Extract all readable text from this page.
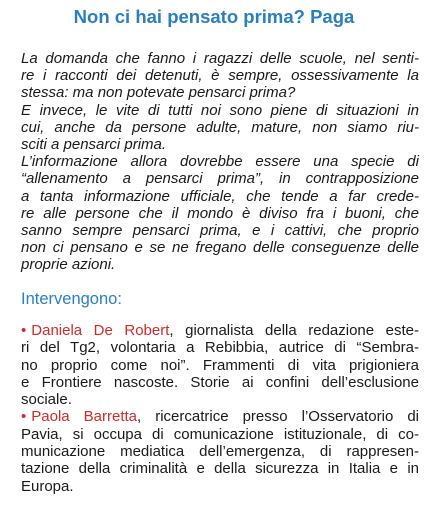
Non ci hai pensato prima? Paga
La domanda che fanno i ragazzi delle scuole, nel senti-
re i racconti dei detenuti, è sempre, ossessivamente la
stessa: ma non potevate pensarci prima?
E invece, le vite di tutti noi sono piene di situazioni in
cui, anche da persone adulte, mature, non siamo riu-
sciti a pensarci prima.
L’informazione allora dovrebbe essere una specie di
“allenamento a pensarci prima”, in contrapposizione
a tanta informazione ufficiale, che tende a far crede-
re alle persone che il mondo è diviso fra i buoni, che
sanno sempre pensarci prima, e i cattivi, che proprio
non ci pensano e se ne fregano delle conseguenze delle
proprie azioni.
Intervengono:
• Daniela De Robert, giornalista della redazione este-
ri del Tg2, volontaria a Rebibbia, autrice di “Sembra-
no proprio come noi”. Frammenti di vita prigioniera
e Frontiere nascoste. Storie ai confini dell’esclusione
sociale.
• Paola Barretta, ricercatrice presso l’Osservatorio di
Pavia, si occupa di comunicazione istituzionale, di co-
municazione mediatica dell’emergenza, di rappresen-
tazione della criminalità e della sicurezza in Italia e in
Europa.
